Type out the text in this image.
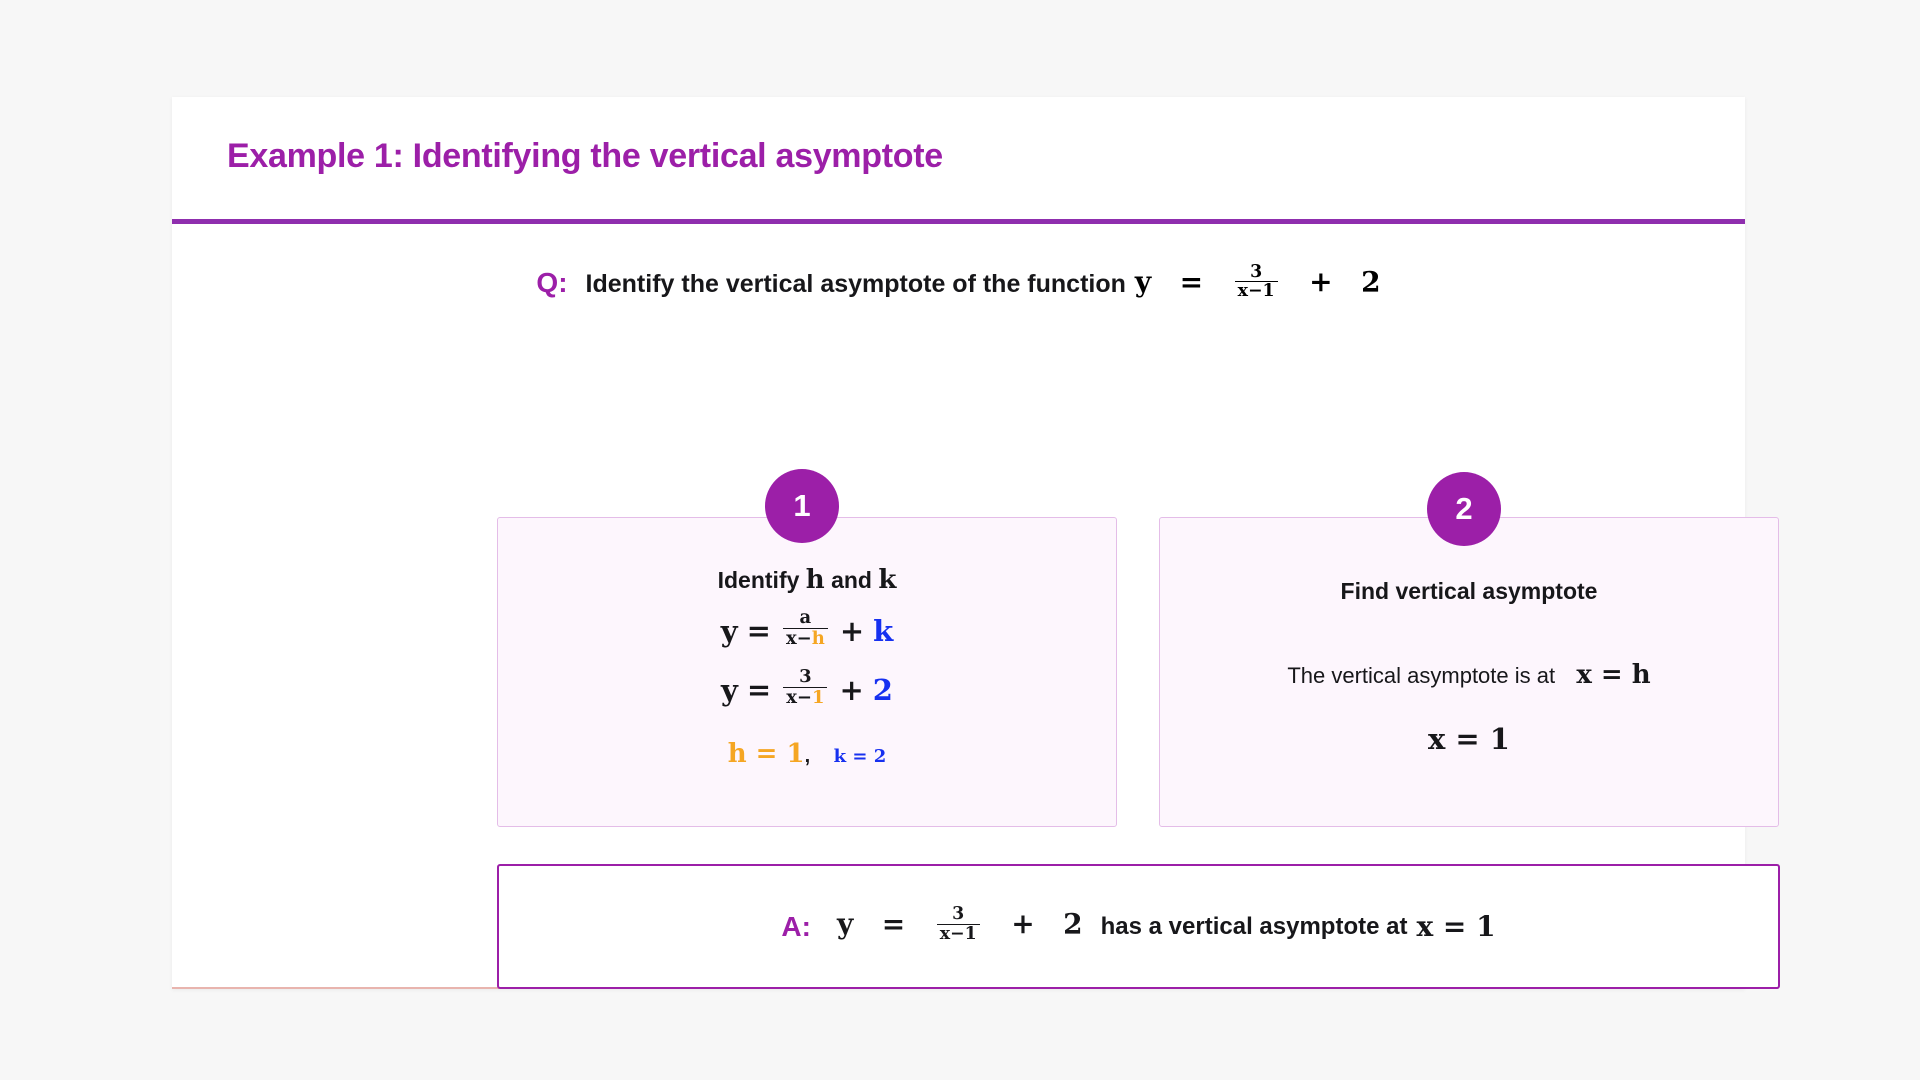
Example 1: Identifying the vertical asymptote
Q: Identify the vertical asymptote of the function $y = \frac{3}{x-1} + 2$
Identify h and k
$y = \frac{a}{x-h} + k$
$y = \frac{3}{x-1} + 2$
h = 1, k = 2
1
Find vertical asymptote
The vertical asymptote is at x = h
x = 1
2
A: $y = \frac{3}{x-1} + 2$ has a vertical asymptote at x = 1
